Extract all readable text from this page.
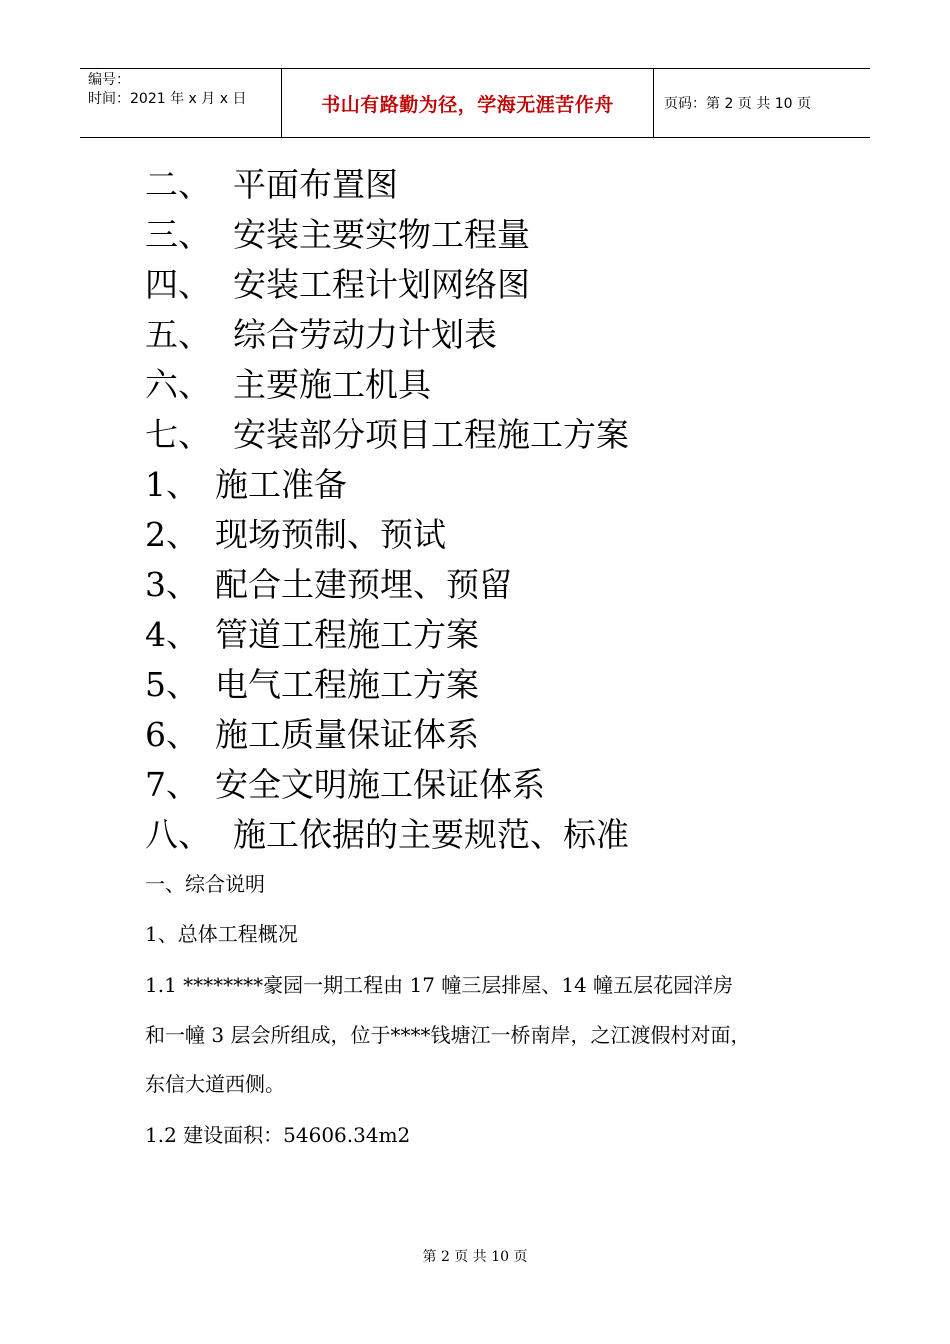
编号：
时间：2021 年 x 月 x 日	书山有路勤为径，学海无涯苦作舟	页码：第 2 页 共 10 页
二、 平面布置图
三、 安装主要实物工程量
四、 安装工程计划网络图
五、 综合劳动力计划表
六、 主要施工机具
七、 安装部分项目工程施工方案
1、 施工准备
2、 现场预制、预试
3、 配合土建预埋、预留
4、 管道工程施工方案
5、 电气工程施工方案
6、 施工质量保证体系
7、 安全文明施工保证体系
八、 施工依据的主要规范、标准
一、综合说明
1、总体工程概况
1.1 ********豪园一期工程由 17 幢三层排屋、14 幢五层花园洋房
和一幢 3 层会所组成，位于****钱塘江一桥南岸，之江渡假村对面，
东信大道西侧。
1.2 建设面积：54606.34m2
第 2 页 共 10 页
